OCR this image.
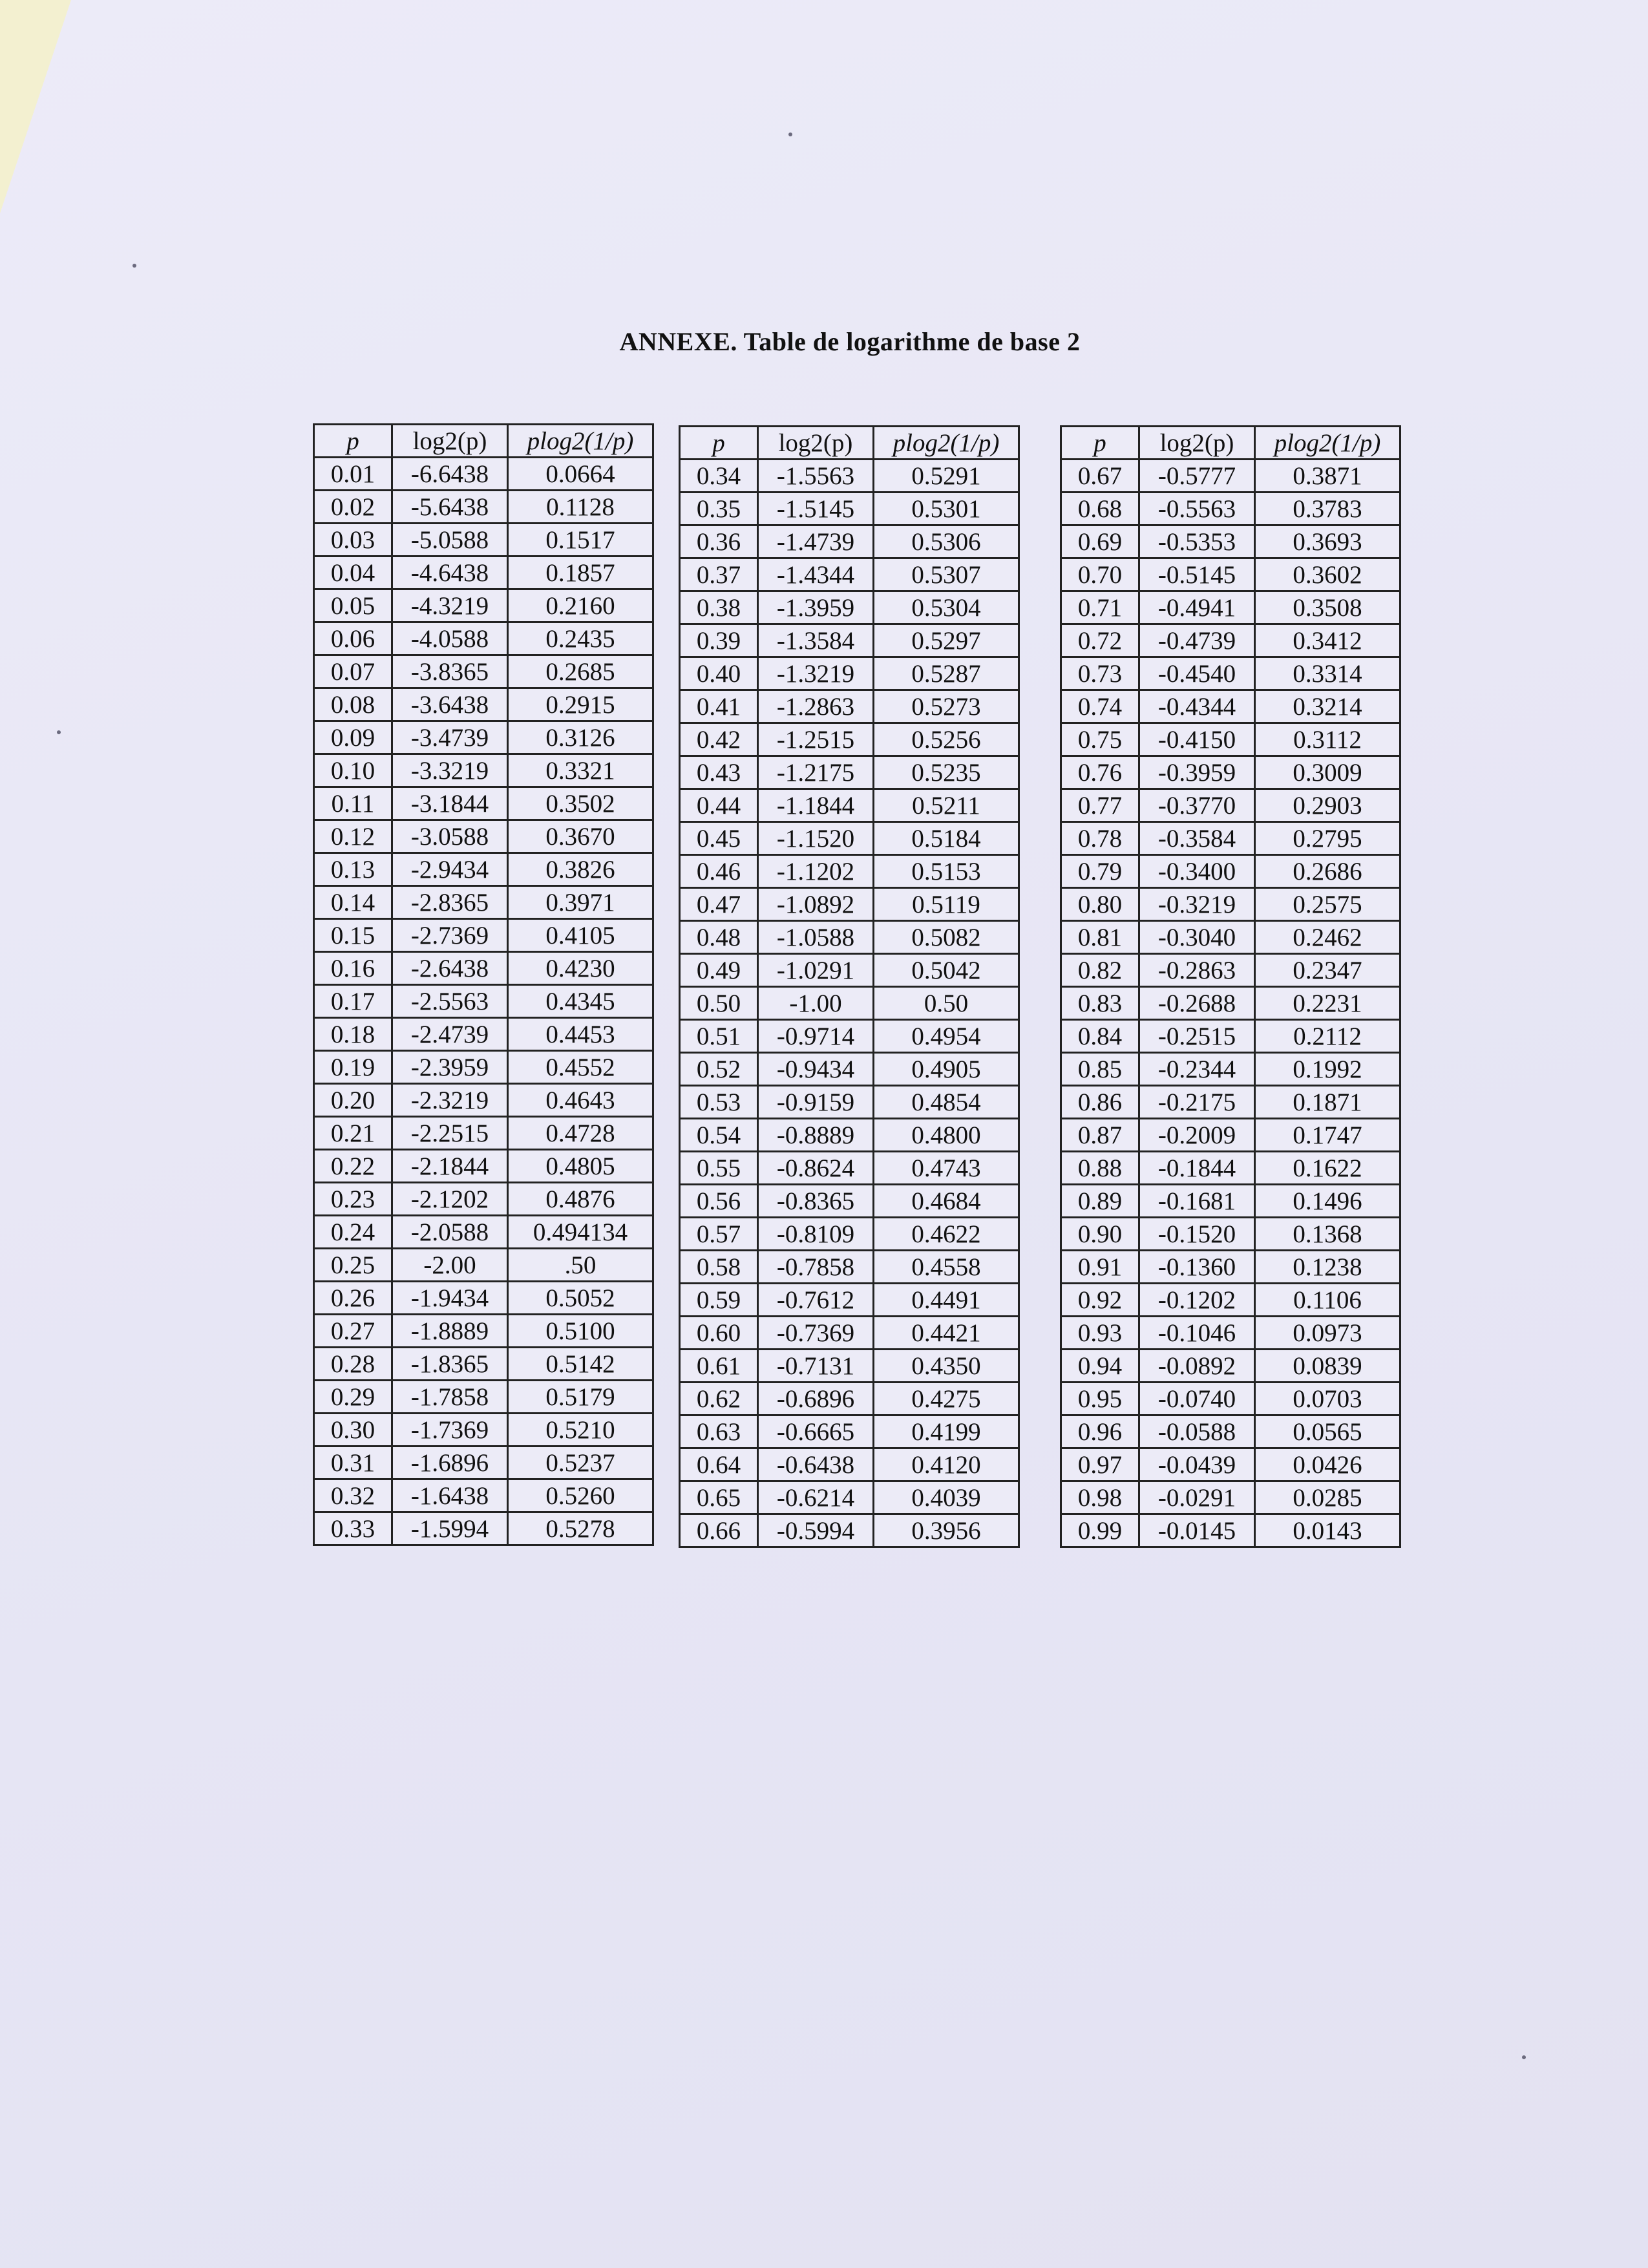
ANNEXE. Table de logarithme de base 2
p	log2(p)	plog2(1/p)
0.01	-6.6438	0.0664
0.02	-5.6438	0.1128
0.03	-5.0588	0.1517
0.04	-4.6438	0.1857
0.05	-4.3219	0.2160
0.06	-4.0588	0.2435
0.07	-3.8365	0.2685
0.08	-3.6438	0.2915
0.09	-3.4739	0.3126
0.10	-3.3219	0.3321
0.11	-3.1844	0.3502
0.12	-3.0588	0.3670
0.13	-2.9434	0.3826
0.14	-2.8365	0.3971
0.15	-2.7369	0.4105
0.16	-2.6438	0.4230
0.17	-2.5563	0.4345
0.18	-2.4739	0.4453
0.19	-2.3959	0.4552
0.20	-2.3219	0.4643
0.21	-2.2515	0.4728
0.22	-2.1844	0.4805
0.23	-2.1202	0.4876
0.24	-2.0588	0.494134
0.25	-2.00	.50
0.26	-1.9434	0.5052
0.27	-1.8889	0.5100
0.28	-1.8365	0.5142
0.29	-1.7858	0.5179
0.30	-1.7369	0.5210
0.31	-1.6896	0.5237
0.32	-1.6438	0.5260
0.33	-1.5994	0.5278
p	log2(p)	plog2(1/p)
0.34	-1.5563	0.5291
0.35	-1.5145	0.5301
0.36	-1.4739	0.5306
0.37	-1.4344	0.5307
0.38	-1.3959	0.5304
0.39	-1.3584	0.5297
0.40	-1.3219	0.5287
0.41	-1.2863	0.5273
0.42	-1.2515	0.5256
0.43	-1.2175	0.5235
0.44	-1.1844	0.5211
0.45	-1.1520	0.5184
0.46	-1.1202	0.5153
0.47	-1.0892	0.5119
0.48	-1.0588	0.5082
0.49	-1.0291	0.5042
0.50	-1.00	0.50
0.51	-0.9714	0.4954
0.52	-0.9434	0.4905
0.53	-0.9159	0.4854
0.54	-0.8889	0.4800
0.55	-0.8624	0.4743
0.56	-0.8365	0.4684
0.57	-0.8109	0.4622
0.58	-0.7858	0.4558
0.59	-0.7612	0.4491
0.60	-0.7369	0.4421
0.61	-0.7131	0.4350
0.62	-0.6896	0.4275
0.63	-0.6665	0.4199
0.64	-0.6438	0.4120
0.65	-0.6214	0.4039
0.66	-0.5994	0.3956
p	log2(p)	plog2(1/p)
0.67	-0.5777	0.3871
0.68	-0.5563	0.3783
0.69	-0.5353	0.3693
0.70	-0.5145	0.3602
0.71	-0.4941	0.3508
0.72	-0.4739	0.3412
0.73	-0.4540	0.3314
0.74	-0.4344	0.3214
0.75	-0.4150	0.3112
0.76	-0.3959	0.3009
0.77	-0.3770	0.2903
0.78	-0.3584	0.2795
0.79	-0.3400	0.2686
0.80	-0.3219	0.2575
0.81	-0.3040	0.2462
0.82	-0.2863	0.2347
0.83	-0.2688	0.2231
0.84	-0.2515	0.2112
0.85	-0.2344	0.1992
0.86	-0.2175	0.1871
0.87	-0.2009	0.1747
0.88	-0.1844	0.1622
0.89	-0.1681	0.1496
0.90	-0.1520	0.1368
0.91	-0.1360	0.1238
0.92	-0.1202	0.1106
0.93	-0.1046	0.0973
0.94	-0.0892	0.0839
0.95	-0.0740	0.0703
0.96	-0.0588	0.0565
0.97	-0.0439	0.0426
0.98	-0.0291	0.0285
0.99	-0.0145	0.0143
